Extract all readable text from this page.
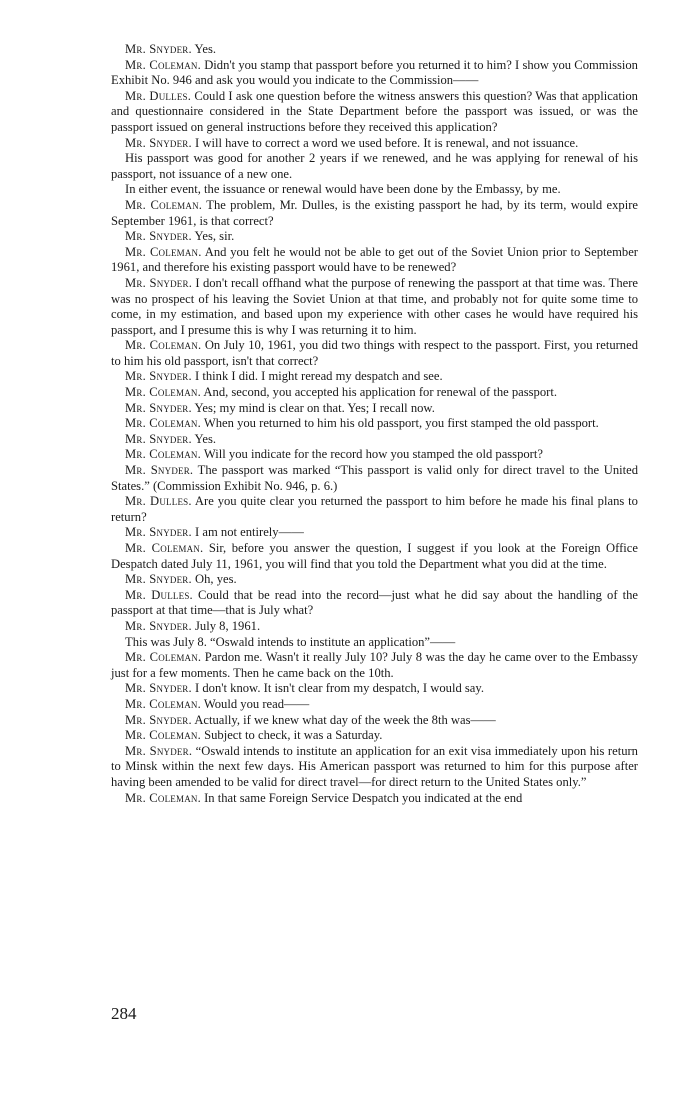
Mr. Snyder. Yes.

Mr. Coleman. Didn't you stamp that passport before you returned it to him? I show you Commission Exhibit No. 946 and ask you would you indicate to the Commission——

Mr. Dulles. Could I ask one question before the witness answers this question? Was that application and questionnaire considered in the State Department before the passport was issued, or was the passport issued on general instructions before they received this application?

Mr. Snyder. I will have to correct a word we used before. It is renewal, and not issuance.

His passport was good for another 2 years if we renewed, and he was applying for renewal of his passport, not issuance of a new one.

In either event, the issuance or renewal would have been done by the Embassy, by me.

Mr. Coleman. The problem, Mr. Dulles, is the existing passport he had, by its term, would expire September 1961, is that correct?

Mr. Snyder. Yes, sir.

Mr. Coleman. And you felt he would not be able to get out of the Soviet Union prior to September 1961, and therefore his existing passport would have to be renewed?

Mr. Snyder. I don't recall offhand what the purpose of renewing the passport at that time was. There was no prospect of his leaving the Soviet Union at that time, and probably not for quite some time to come, in my estimation, and based upon my experience with other cases he would have required his passport, and I presume this is why I was returning it to him.

Mr. Coleman. On July 10, 1961, you did two things with respect to the passport. First, you returned to him his old passport, isn't that correct?

Mr. Snyder. I think I did. I might reread my despatch and see.

Mr. Coleman. And, second, you accepted his application for renewal of the passport.

Mr. Snyder. Yes; my mind is clear on that. Yes; I recall now.

Mr. Coleman. When you returned to him his old passport, you first stamped the old passport.

Mr. Snyder. Yes.

Mr. Coleman. Will you indicate for the record how you stamped the old passport?

Mr. Snyder. The passport was marked “This passport is valid only for direct travel to the United States.” (Commission Exhibit No. 946, p. 6.)

Mr. Dulles. Are you quite clear you returned the passport to him before he made his final plans to return?

Mr. Snyder. I am not entirely——

Mr. Coleman. Sir, before you answer the question, I suggest if you look at the Foreign Office Despatch dated July 11, 1961, you will find that you told the Department what you did at the time.

Mr. Snyder. Oh, yes.

Mr. Dulles. Could that be read into the record—just what he did say about the handling of the passport at that time—that is July what?

Mr. Snyder. July 8, 1961.

This was July 8. “Oswald intends to institute an application”——

Mr. Coleman. Pardon me. Wasn't it really July 10? July 8 was the day he came over to the Embassy just for a few moments. Then he came back on the 10th.

Mr. Snyder. I don't know. It isn't clear from my despatch, I would say.

Mr. Coleman. Would you read——

Mr. Snyder. Actually, if we knew what day of the week the 8th was——

Mr. Coleman. Subject to check, it was a Saturday.

Mr. Snyder. “Oswald intends to institute an application for an exit visa immediately upon his return to Minsk within the next few days. His American passport was returned to him for this purpose after having been amended to be valid for direct travel—for direct return to the United States only.”

Mr. Coleman. In that same Foreign Service Despatch you indicated at the end

284
